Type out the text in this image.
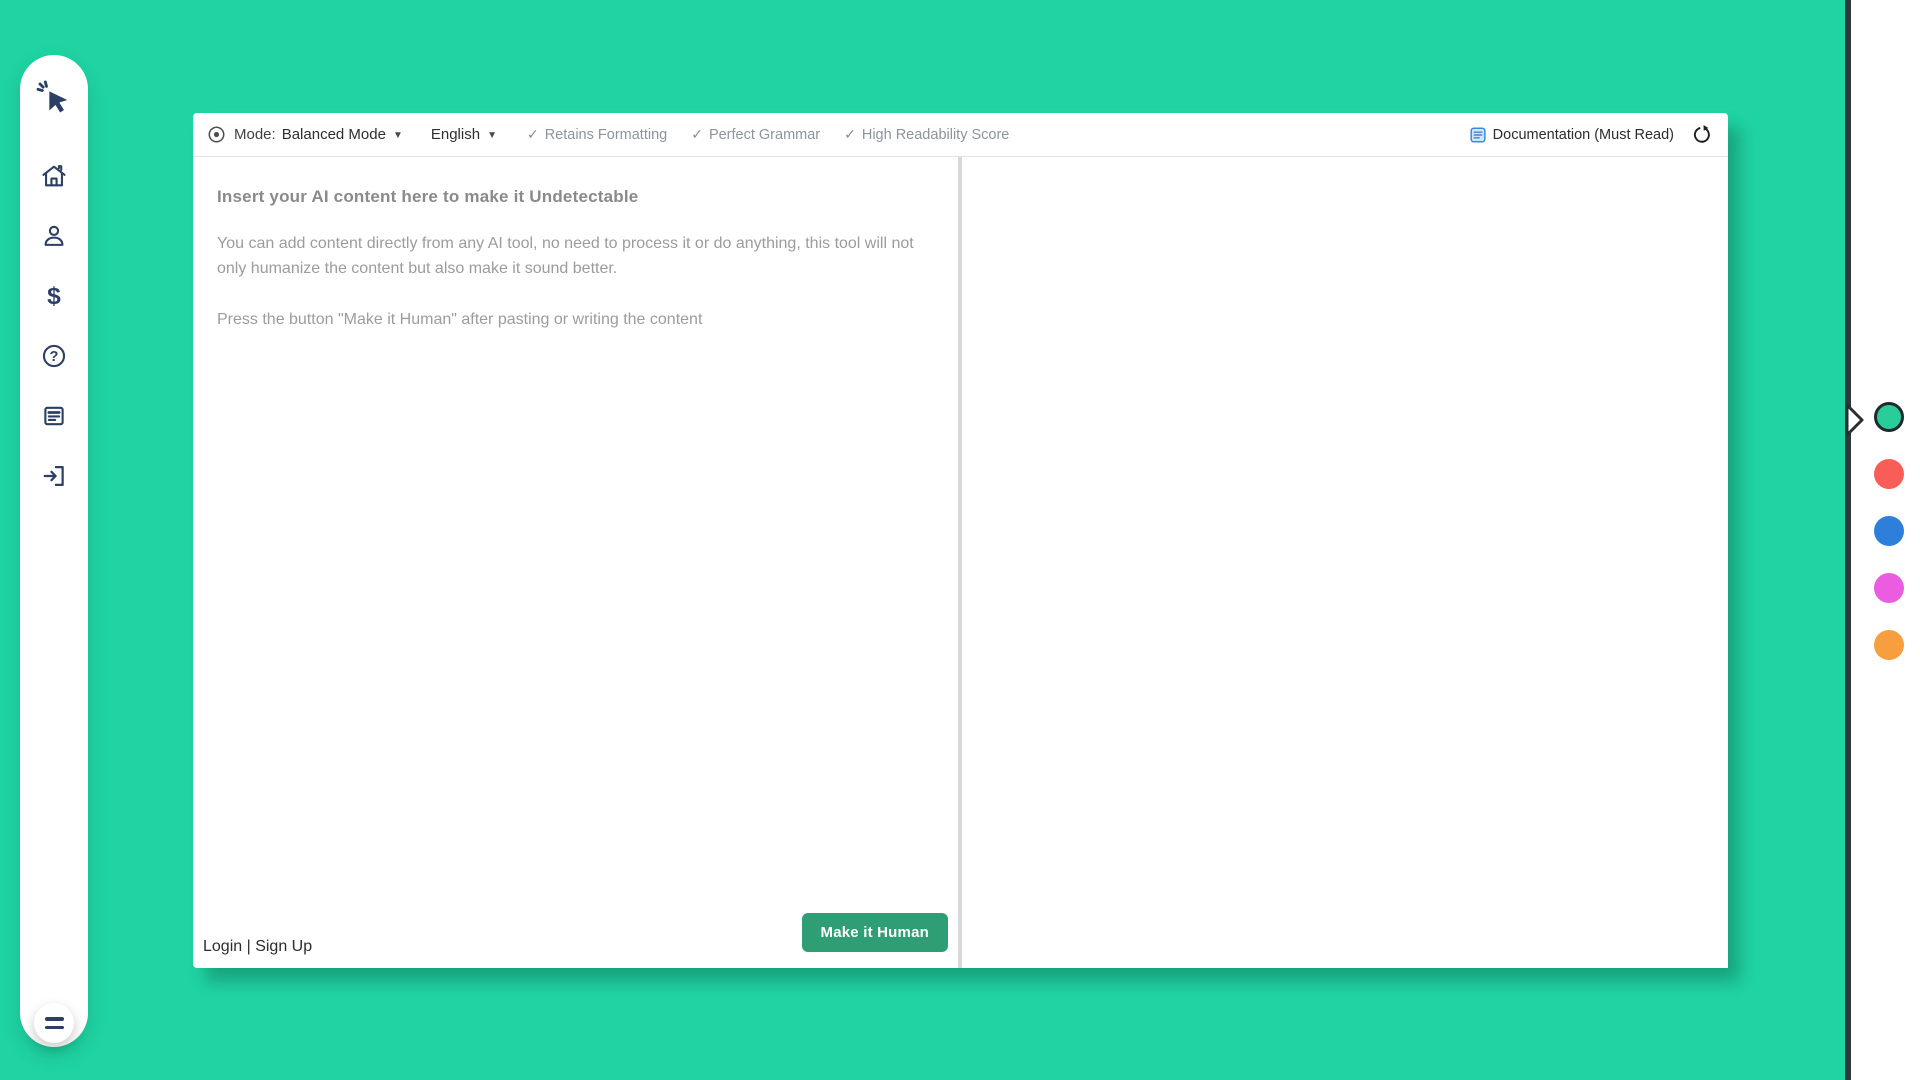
$
?
Mode: Balanced Mode ▼ English ▼ ✓ Retains Formatting ✓ Perfect Grammar ✓ High Readability Score	Documentation (Must Read)
Insert your AI content here to make it Undetectable
You can add content directly from any AI tool, no need to process it or do anything, this tool will not only humanize the content but also make it sound better.
Press the button "Make it Human" after pasting or writing the content
Login | Sign Up
Make it Human
